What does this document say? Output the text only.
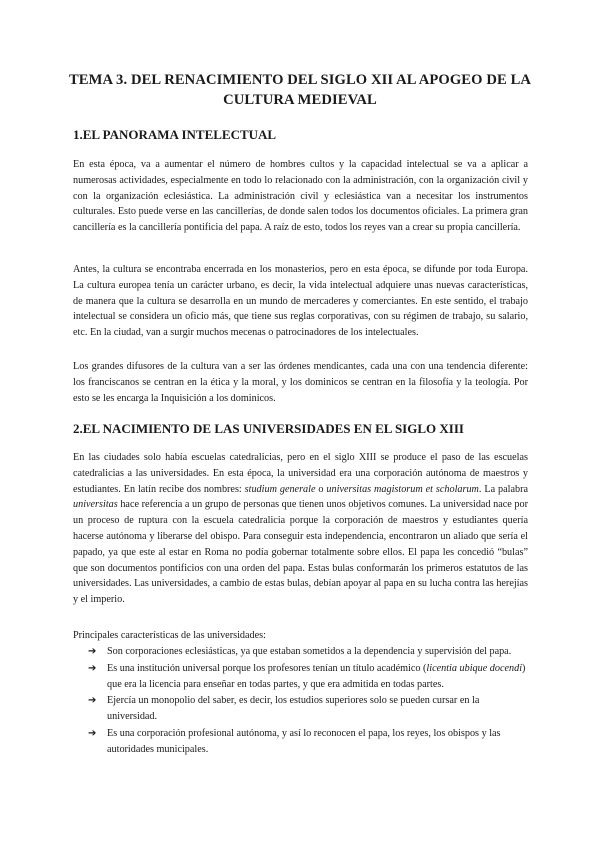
TEMA 3. DEL RENACIMIENTO DEL SIGLO XII AL APOGEO DE LA CULTURA MEDIEVAL
1.EL PANORAMA INTELECTUAL
En esta época, va a aumentar el número de hombres cultos y la capacidad intelectual se va a aplicar a numerosas actividades, especialmente en todo lo relacionado con la administración, con la organización civil y con la organización eclesiástica. La administración civil y eclesiástica van a necesitar los instrumentos culturales. Esto puede verse en las cancillerías, de donde salen todos los documentos oficiales. La primera gran cancillería es la cancillería pontificia del papa. A raíz de esto, todos los reyes van a crear su propia cancillería.
Antes, la cultura se encontraba encerrada en los monasterios, pero en esta época, se difunde por toda Europa. La cultura europea tenía un carácter urbano, es decir, la vida intelectual adquiere unas nuevas características, de manera que la cultura se desarrolla en un mundo de mercaderes y comerciantes. En este sentido, el trabajo intelectual se considera un oficio más, que tiene sus reglas corporativas, con su régimen de trabajo, su salario, etc. En la ciudad, van a surgir muchos mecenas o patrocinadores de los intelectuales.
Los grandes difusores de la cultura van a ser las órdenes mendicantes, cada una con una tendencia diferente: los franciscanos se centran en la ética y la moral, y los dominicos se centran en la filosofía y la teología. Por esto se les encarga la Inquisición a los dominicos.
2.EL NACIMIENTO DE LAS UNIVERSIDADES EN EL SIGLO XIII
En las ciudades solo había escuelas catedralicias, pero en el siglo XIII se produce el paso de las escuelas catedralicias a las universidades. En esta época, la universidad era una corporación autónoma de maestros y estudiantes. En latín recibe dos nombres: studium generale o universitas magistorum et scholarum. La palabra universitas hace referencia a un grupo de personas que tienen unos objetivos comunes. La universidad nace por un proceso de ruptura con la escuela catedralicia porque la corporación de maestros y estudiantes quería hacerse autónoma y liberarse del obispo. Para conseguir esta independencia, encontraron un aliado que sería el papado, ya que este al estar en Roma no podía gobernar totalmente sobre ellos. El papa les concedió “bulas” que son documentos pontificios con una orden del papa. Estas bulas conformarán los primeros estatutos de las universidades. Las universidades, a cambio de estas bulas, debían apoyar al papa en su lucha contra las herejías y el imperio.
Principales características de las universidades:
➔ Son corporaciones eclesiásticas, ya que estaban sometidos a la dependencia y supervisión del papa.
➔ Es una institución universal porque los profesores tenían un título académico (licentia ubique docendi) que era la licencia para enseñar en todas partes, y que era admitida en todas partes.
➔ Ejercía un monopolio del saber, es decir, los estudios superiores solo se pueden cursar en la universidad.
➔ Es una corporación profesional autónoma, y así lo reconocen el papa, los reyes, los obispos y las autoridades municipales.
